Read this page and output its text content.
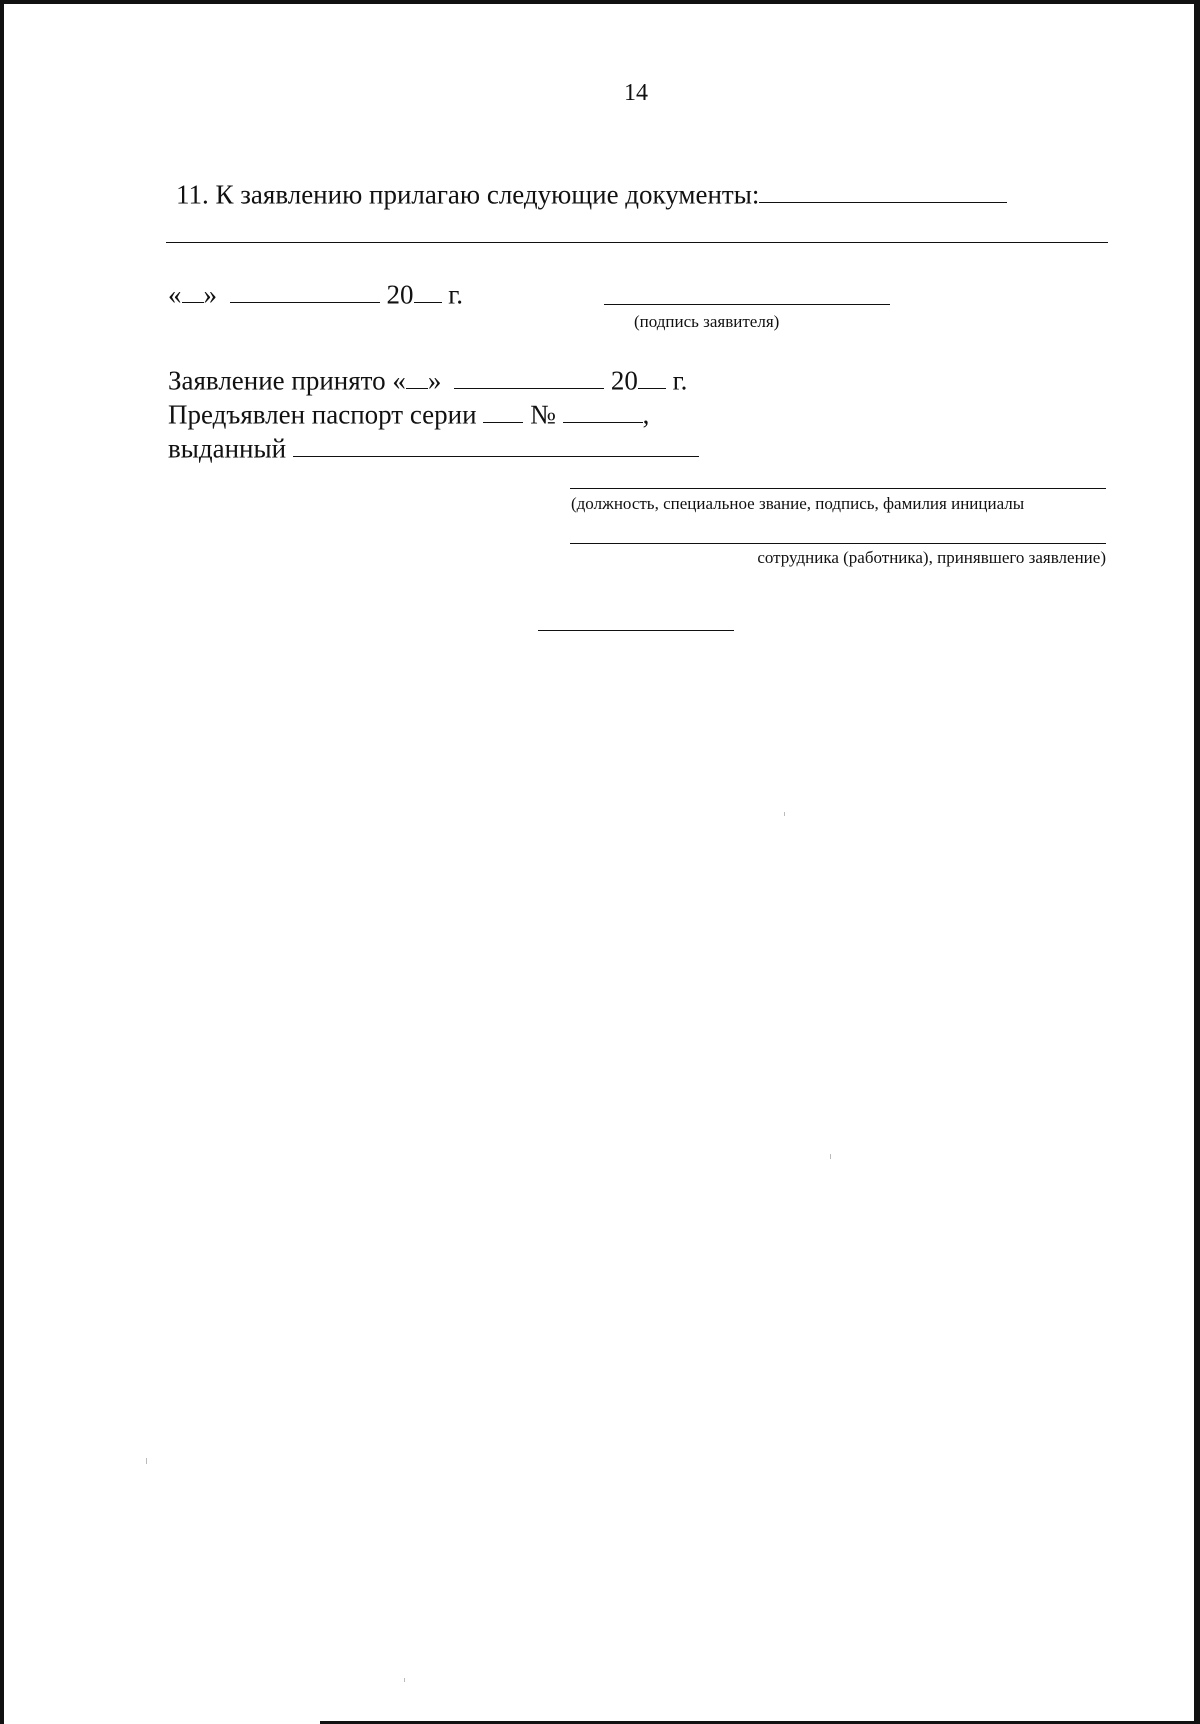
14
11. К заявлению прилагаю следующие документы:
« »	20 г.
(подпись заявителя)
Заявление принято « »	20 г.
Предъявлен паспорт серии №	,
выданный
(должность, специальное звание, подпись, фамилия инициалы
сотрудника (работника), принявшего заявление)
